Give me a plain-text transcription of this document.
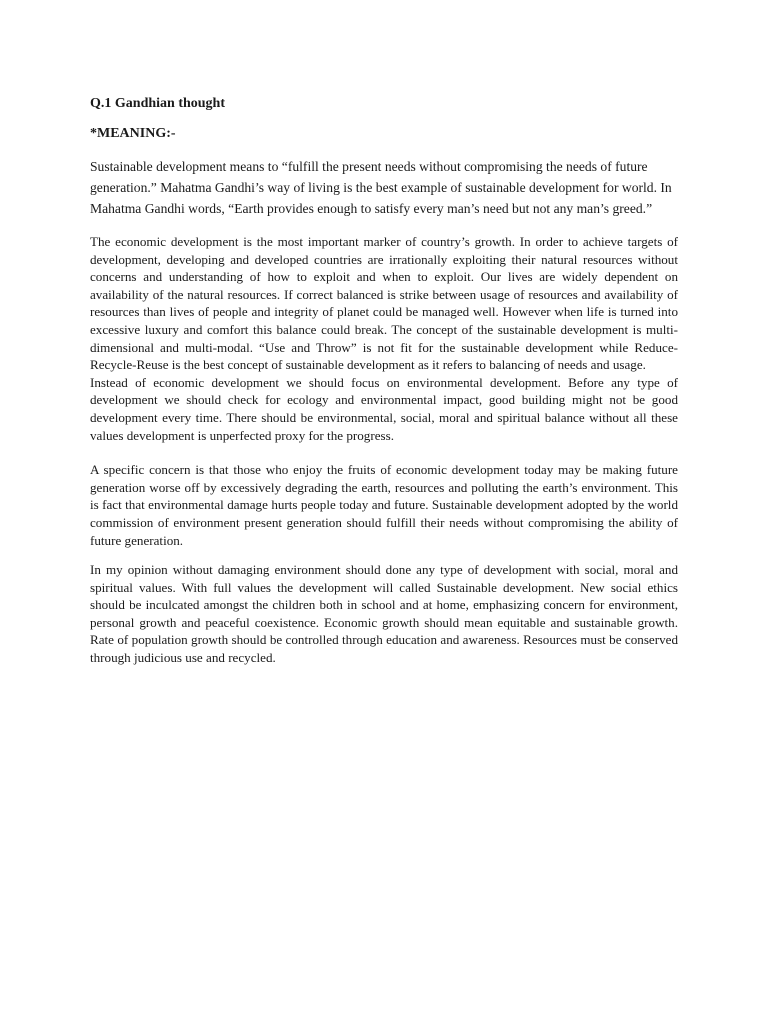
Q.1 Gandhian thought

*MEANING:-

Sustainable development means to “fulfill the present needs without compromising the needs of future generation.” Mahatma Gandhi’s way of living is the best example of sustainable development for world. In Mahatma Gandhi words, “Earth provides enough to satisfy every man’s need but not any man’s greed.”

The economic development is the most important marker of country’s growth. In order to achieve targets of development, developing and developed countries are irrationally exploiting their natural resources without concerns and understanding of how to exploit and when to exploit. Our lives are widely dependent on availability of the natural resources. If correct balanced is strike between usage of resources and availability of resources than lives of people and integrity of planet could be managed well. However when life is turned into excessive luxury and comfort this balance could break. The concept of the sustainable development is multi-dimensional and multi-modal. “Use and Throw” is not fit for the sustainable development while Reduce- Recycle-Reuse is the best concept of sustainable development as it refers to balancing of needs and usage.

Instead of economic development we should focus on environmental development. Before any type of development we should check for ecology and environmental impact, good building might not be good development every time. There should be environmental, social, moral and spiritual balance without all these values development is unperfected proxy for the progress.

A specific concern is that those who enjoy the fruits of economic development today may be making future generation worse off by excessively degrading the earth, resources and polluting the earth’s environment. This is fact that environmental damage hurts people today and future. Sustainable development adopted by the world commission of environment present generation should fulfill their needs without compromising the ability of future generation.

In my opinion without damaging environment should done any type of development with social, moral and spiritual values. With full values the development will called Sustainable development. New social ethics should be inculcated amongst the children both in school and at home, emphasizing concern for environment, personal growth and peaceful coexistence. Economic growth should mean equitable and sustainable growth. Rate of population growth should be controlled through education and awareness. Resources must be conserved through judicious use and recycled.
